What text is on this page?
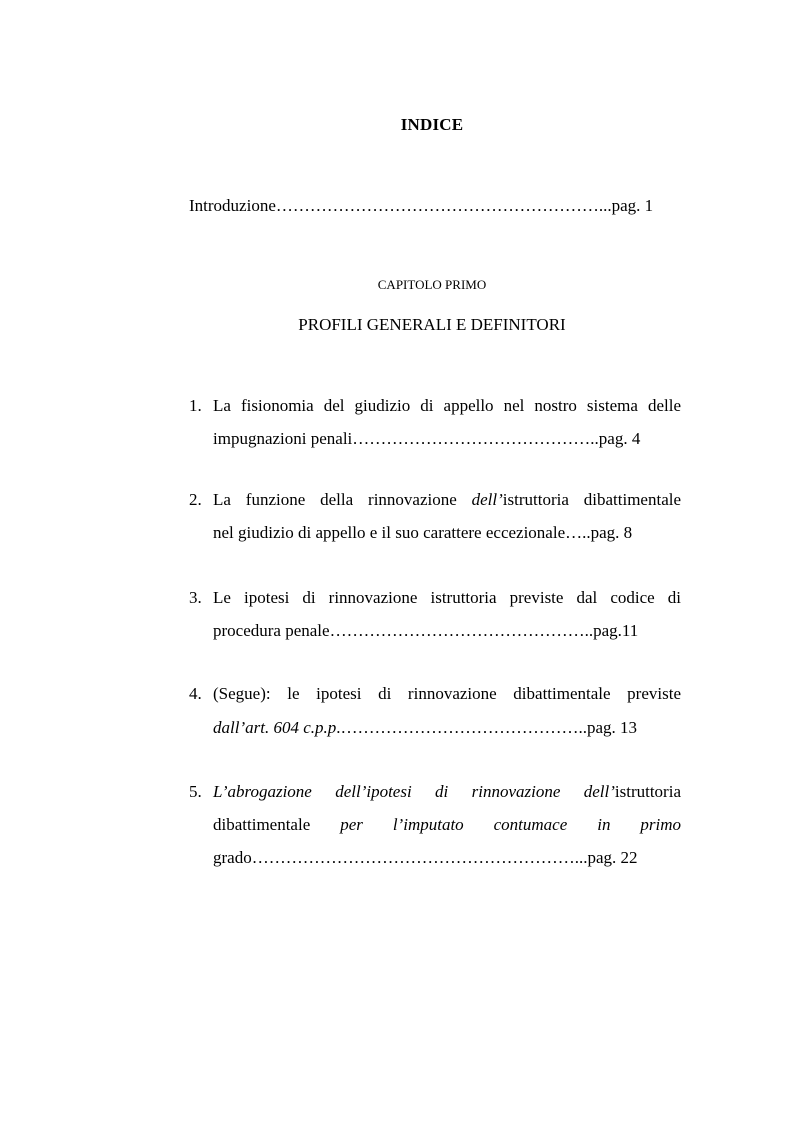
INDICE
Introduzione…………………………………………………...pag. 1
CAPITOLO PRIMO
PROFILI GENERALI E DEFINITORI
1. La fisionomia del giudizio di appello nel nostro sistema delle
impugnazioni penali……………………………………..pag. 4
2. La funzione della rinnovazione dell’istruttoria dibattimentale
nel giudizio di appello e il suo carattere eccezionale…..pag. 8
3. Le ipotesi di rinnovazione istruttoria previste dal codice di
procedura penale………………………………………..pag.11
4. (Segue): le ipotesi di rinnovazione dibattimentale previste
dall’art. 604 c.p.p.……………………………………..pag. 13
5. L’abrogazione dell’ipotesi di rinnovazione dell’istruttoria
dibattimentale per l’imputato contumace in primo
grado…………………………………………………...pag. 22
